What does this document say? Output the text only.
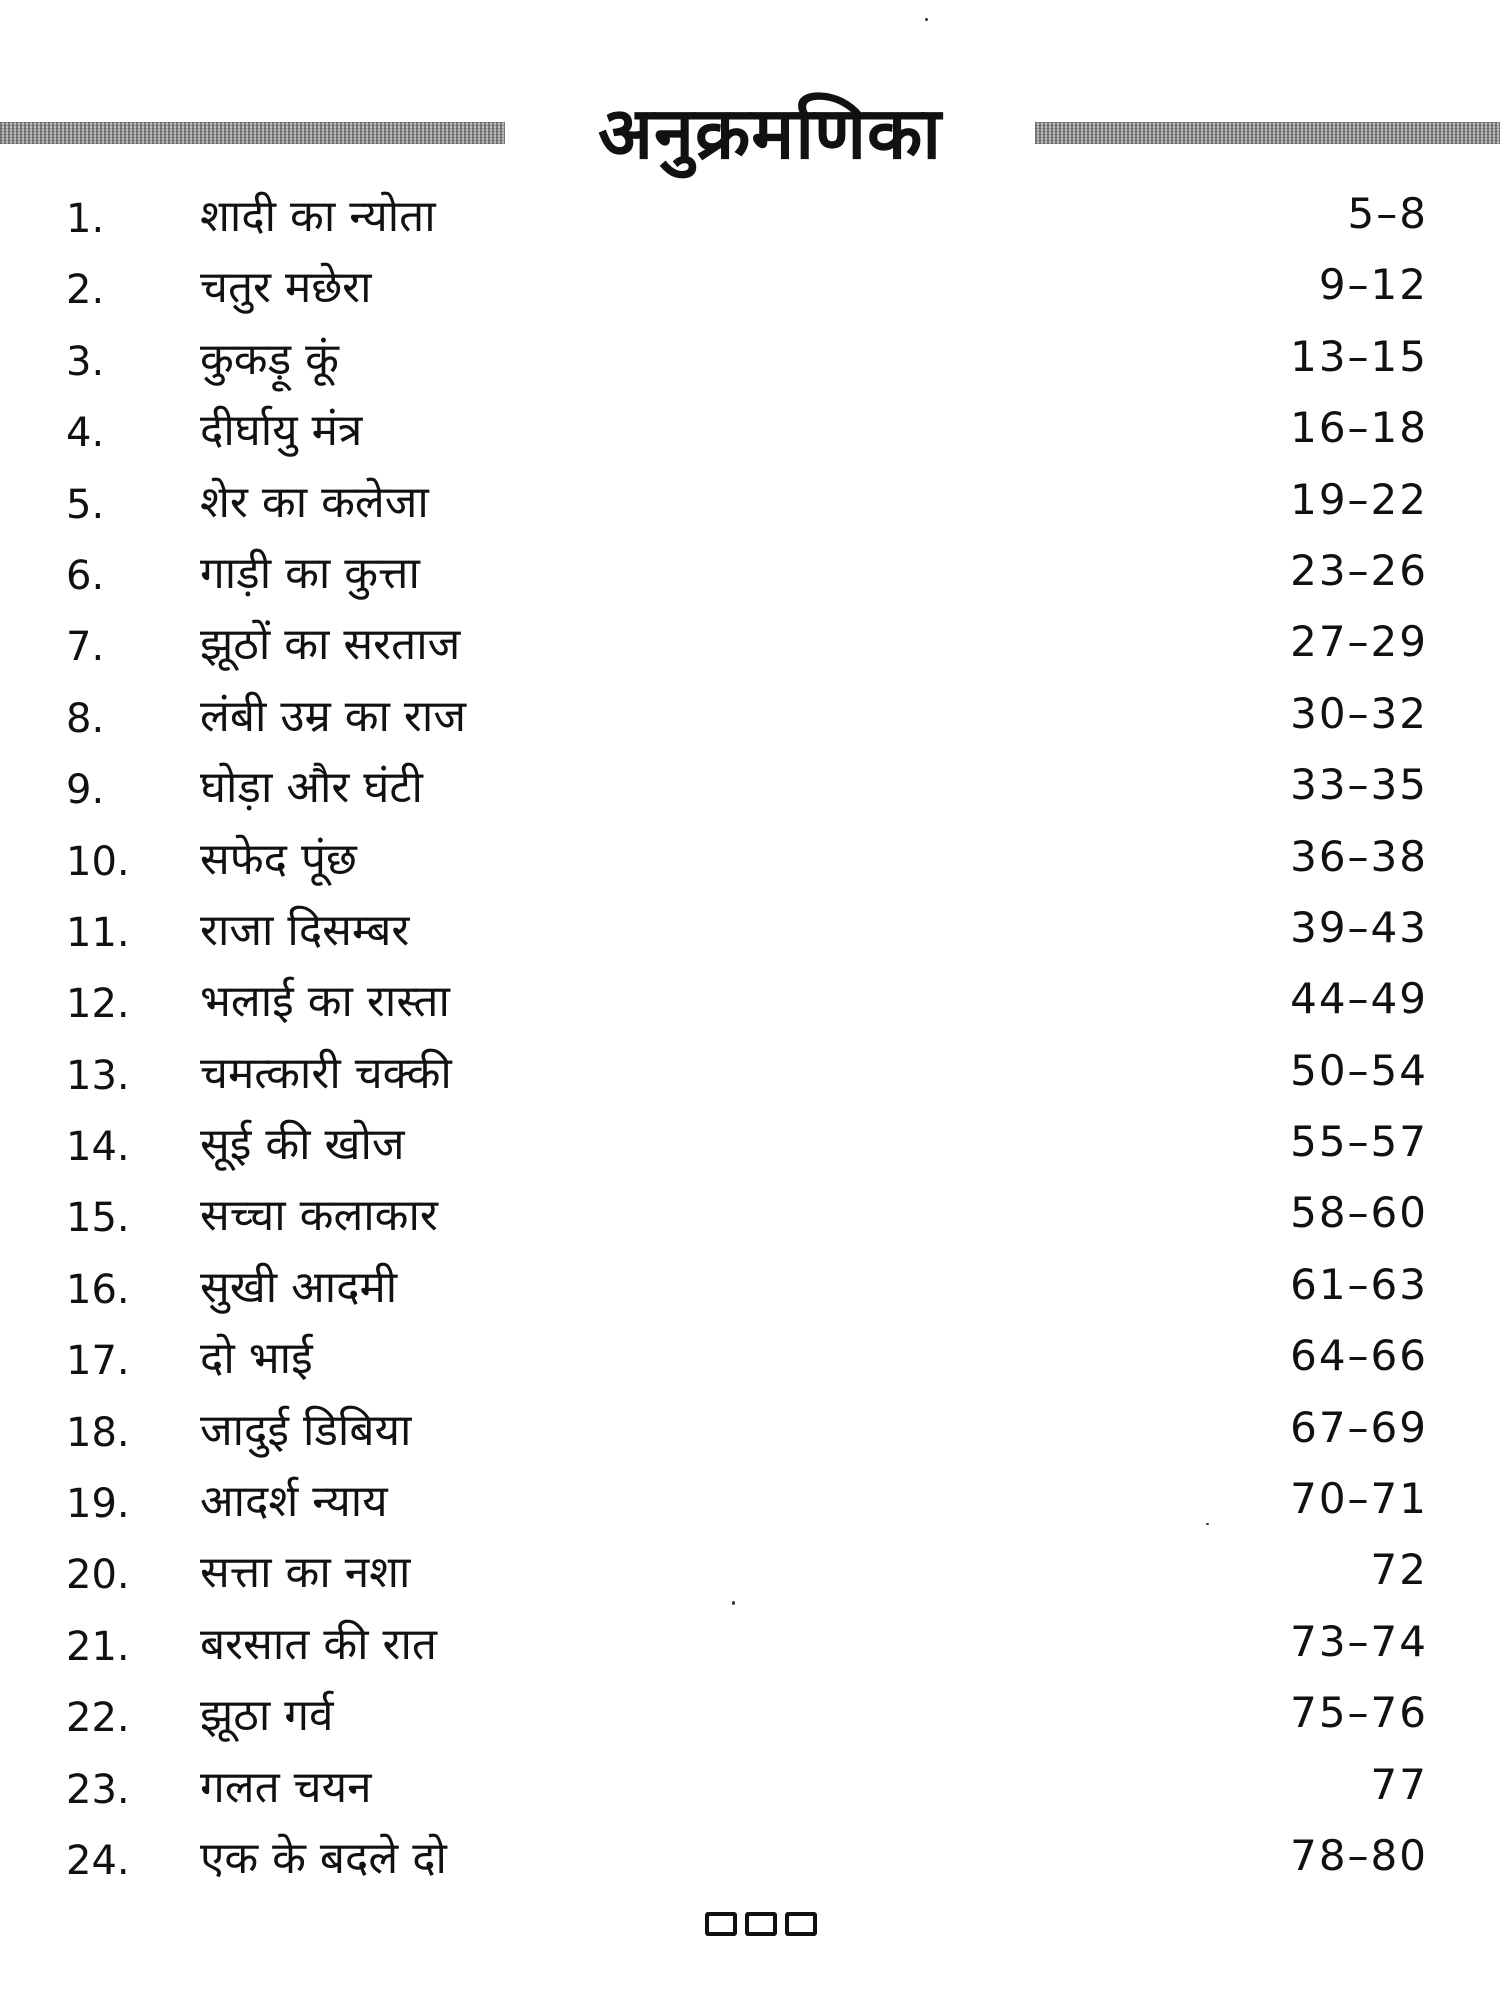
अनुक्रमणिका
1. शादी का न्योता	5–8
2. चतुर मछेरा	9–12
3. कुकड़ू कूं	13–15
4. दीर्घायु मंत्र	16–18
5. शेर का कलेजा	19–22
6. गाड़ी का कुत्ता	23–26
7. झूठों का सरताज	27–29
8. लंबी उम्र का राज	30–32
9. घोड़ा और घंटी	33–35
10. सफेद पूंछ	36–38
11. राजा दिसम्बर	39–43
12. भलाई का रास्ता	44–49
13. चमत्कारी चक्की	50–54
14. सूई की खोज	55–57
15. सच्चा कलाकार	58–60
16. सुखी आदमी	61–63
17. दो भाई	64–66
18. जादुई डिबिया	67–69
19. आदर्श न्याय	70–71
20. सत्ता का नशा	72
21. बरसात की रात	73–74
22. झूठा गर्व	75–76
23. गलत चयन	77
24. एक के बदले दो	78–80
